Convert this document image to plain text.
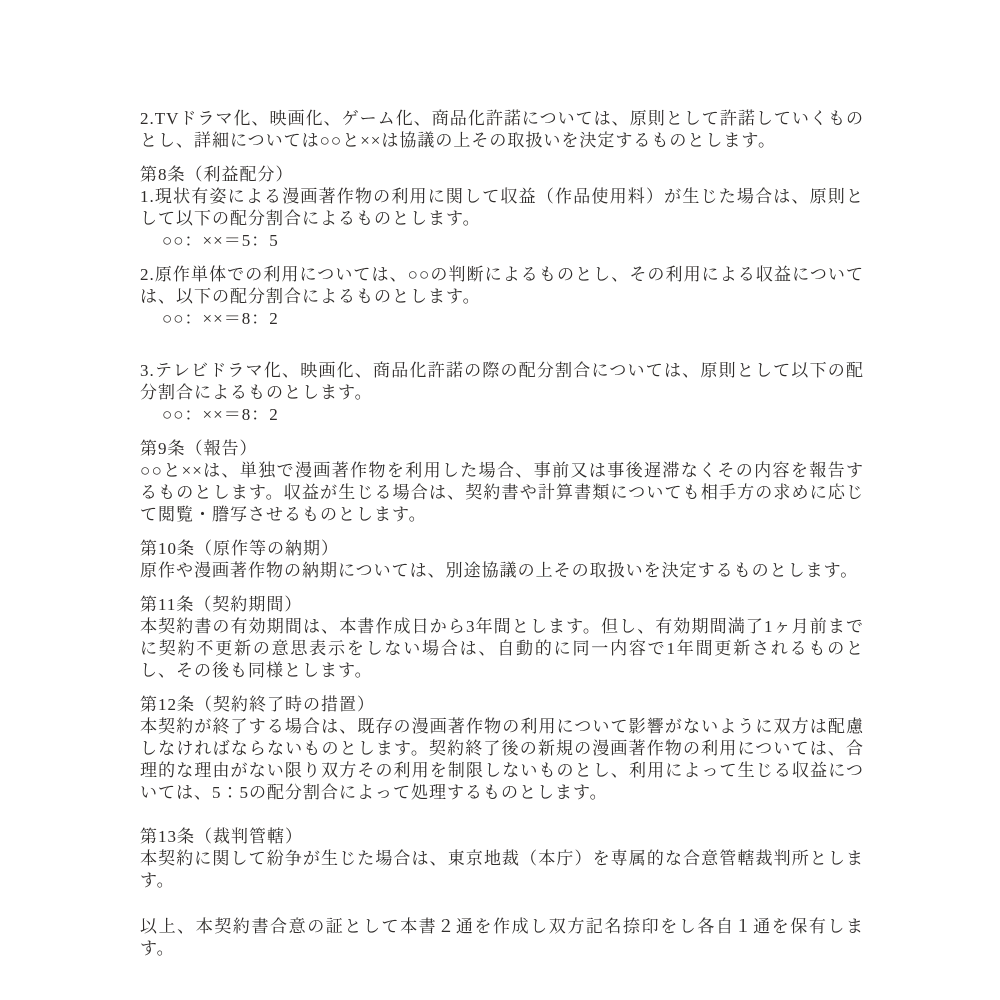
2.TVドラマ化、映画化、ゲーム化、商品化許諾については、原則として許諾していくものとし、詳細については○○と××は協議の上その取扱いを決定するものとします。

第8条（利益配分）

1.現状有姿による漫画著作物の利用に関して収益（作品使用料）が生じた場合は、原則として以下の配分割合によるものとします。

○○：××＝5：5

2.原作単体での利用については、○○の判断によるものとし、その利用による収益については、以下の配分割合によるものとします。

○○：××＝8：2

3.テレビドラマ化、映画化、商品化許諾の際の配分割合については、原則として以下の配分割合によるものとします。

○○：××＝8：2

第9条（報告）

○○と××は、単独で漫画著作物を利用した場合、事前又は事後遅滞なくその内容を報告するものとします。収益が生じる場合は、契約書や計算書類についても相手方の求めに応じて閲覧・謄写させるものとします。

第10条（原作等の納期）

原作や漫画著作物の納期については、別途協議の上その取扱いを決定するものとします。

第11条（契約期間）

本契約書の有効期間は、本書作成日から3年間とします。但し、有効期間満了1ヶ月前までに契約不更新の意思表示をしない場合は、自動的に同一内容で1年間更新されるものとし、その後も同様とします。

第12条（契約終了時の措置）

本契約が終了する場合は、既存の漫画著作物の利用について影響がないように双方は配慮しなければならないものとします。契約終了後の新規の漫画著作物の利用については、合理的な理由がない限り双方その利用を制限しないものとし、利用によって生じる収益については、5：5の配分割合によって処理するものとします。

第13条（裁判管轄）

本契約に関して紛争が生じた場合は、東京地裁（本庁）を専属的な合意管轄裁判所とします。

以上、本契約書合意の証として本書２通を作成し双方記名捺印をし各自１通を保有します。
